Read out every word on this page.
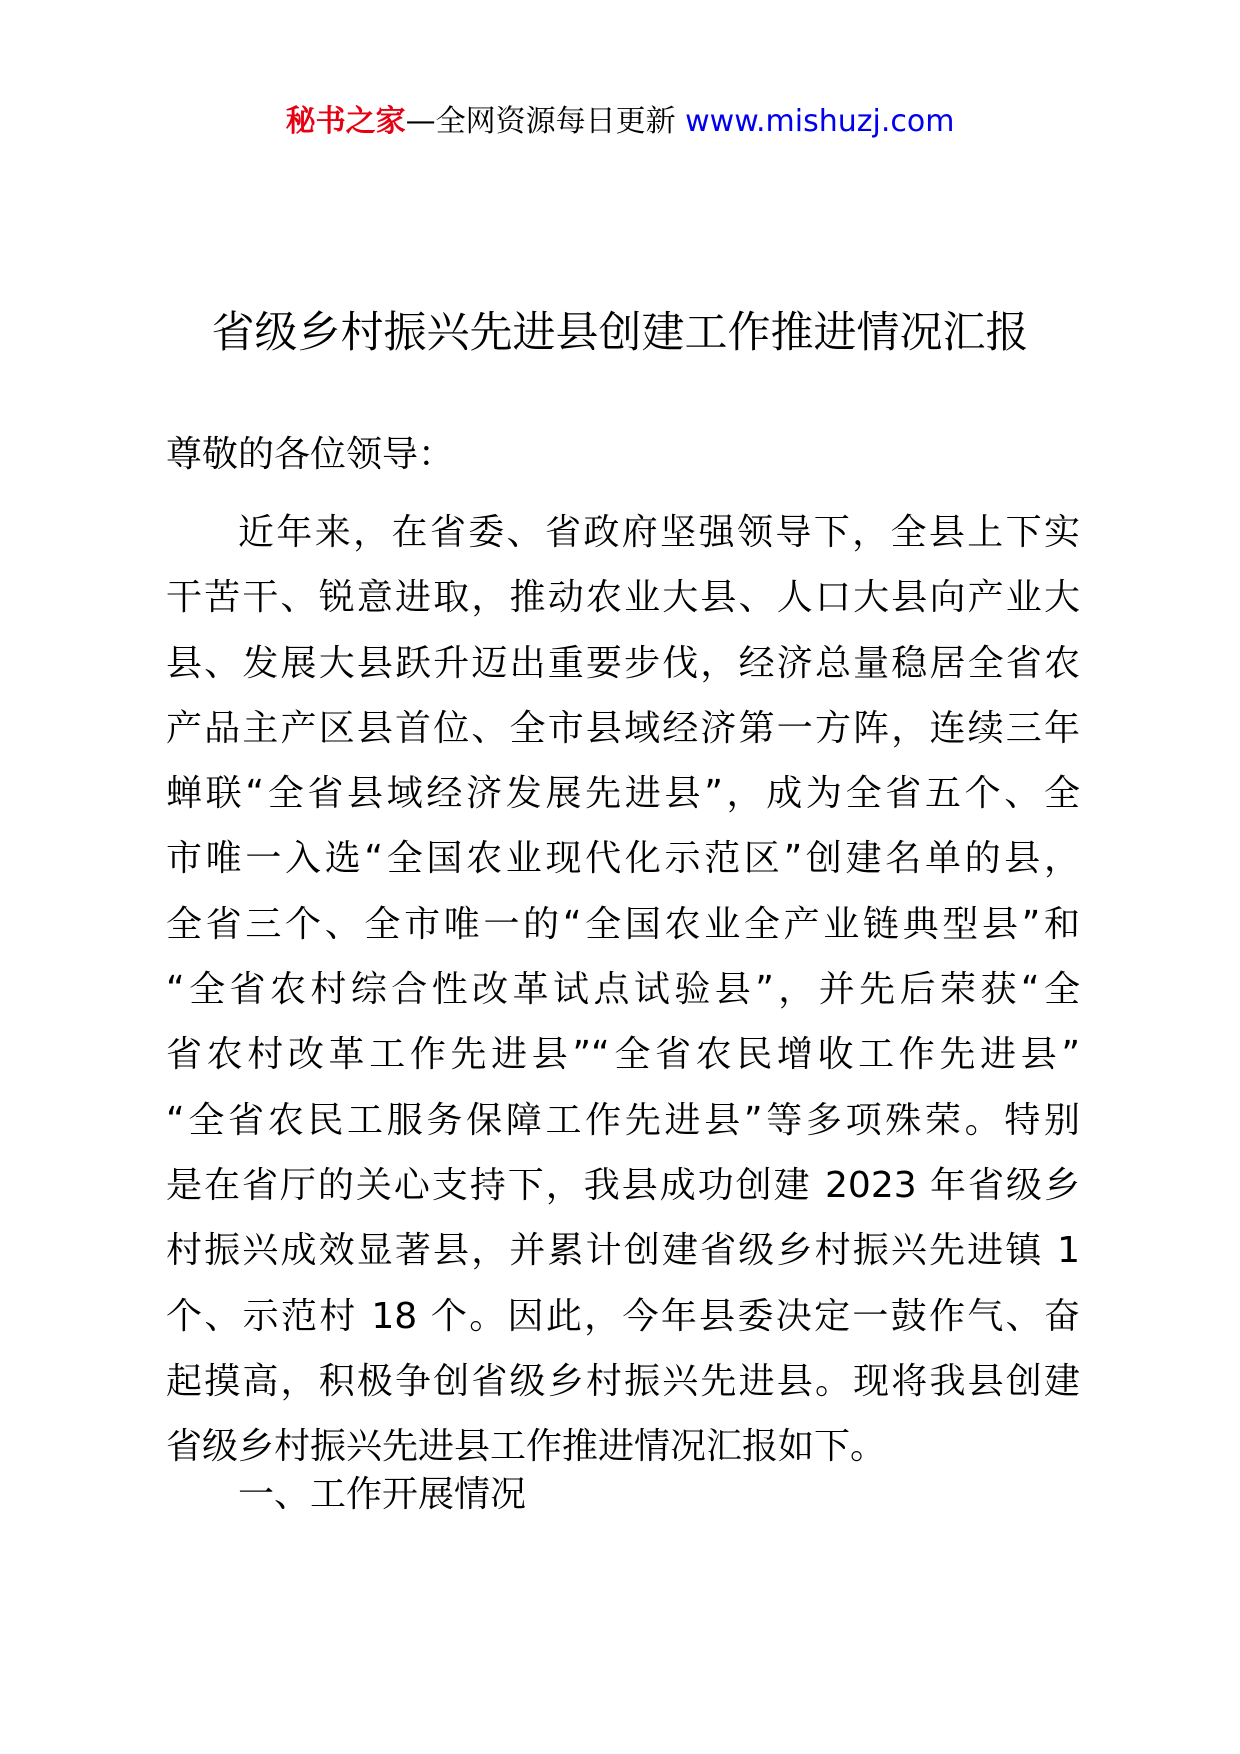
秘书之家—全网资源每日更新 www.mishuzj.com
省级乡村振兴先进县创建工作推进情况汇报
尊敬的各位领导：
近年来，在省委、省政府坚强领导下，全县上下实
干苦干、锐意进取，推动农业大县、人口大县向产业大
县、发展大县跃升迈出重要步伐，经济总量稳居全省农
产品主产区县首位、全市县域经济第一方阵，连续三年
蝉联“全省县域经济发展先进县”，成为全省五个、全
市唯一入选“全国农业现代化示范区”创建名单的县，
全省三个、全市唯一的“全国农业全产业链典型县”和
“全省农村综合性改革试点试验县”，并先后荣获“全
省农村改革工作先进县”“全省农民增收工作先进县”
“全省农民工服务保障工作先进县”等多项殊荣。特别
是在省厅的关心支持下，我县成功创建 2023 年省级乡
村振兴成效显著县，并累计创建省级乡村振兴先进镇 1
个、示范村 18 个。因此，今年县委决定一鼓作气、奋
起摸高，积极争创省级乡村振兴先进县。现将我县创建
省级乡村振兴先进县工作推进情况汇报如下。
一、工作开展情况
